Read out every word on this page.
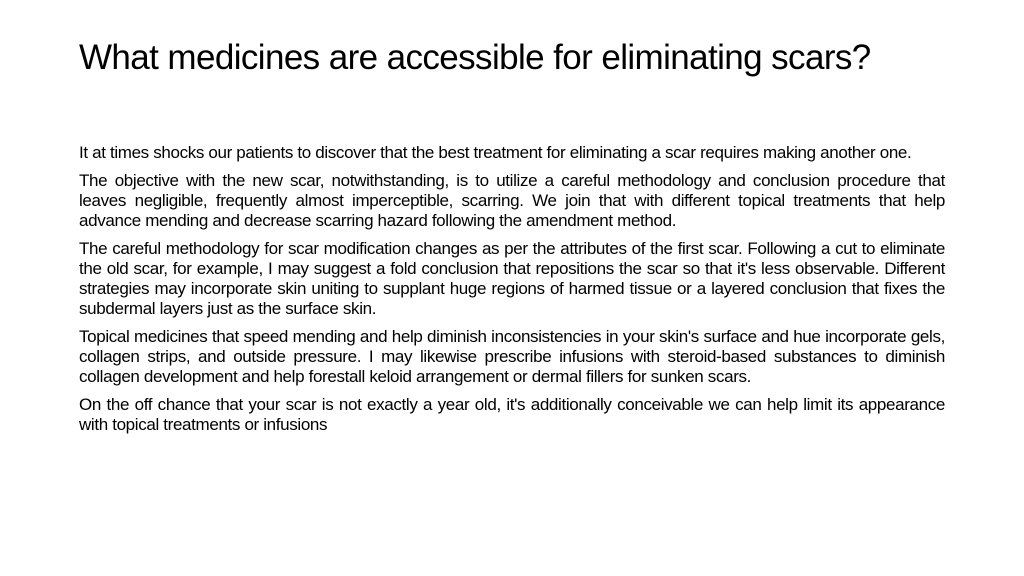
What medicines are accessible for eliminating scars?

It at times shocks our patients to discover that the best treatment for eliminating a scar requires making another one.

The objective with the new scar, notwithstanding, is to utilize a careful methodology and conclusion procedure that leaves negligible, frequently almost imperceptible, scarring. We join that with different topical treatments that help advance mending and decrease scarring hazard following the amendment method.

The careful methodology for scar modification changes as per the attributes of the first scar. Following a cut to eliminate the old scar, for example, I may suggest a fold conclusion that repositions the scar so that it's less observable. Different strategies may incorporate skin uniting to supplant huge regions of harmed tissue or a layered conclusion that fixes the subdermal layers just as the surface skin.

Topical medicines that speed mending and help diminish inconsistencies in your skin's surface and hue incorporate gels, collagen strips, and outside pressure. I may likewise prescribe infusions with steroid-based substances to diminish collagen development and help forestall keloid arrangement or dermal fillers for sunken scars.

On the off chance that your scar is not exactly a year old, it's additionally conceivable we can help limit its appearance with topical treatments or infusions
